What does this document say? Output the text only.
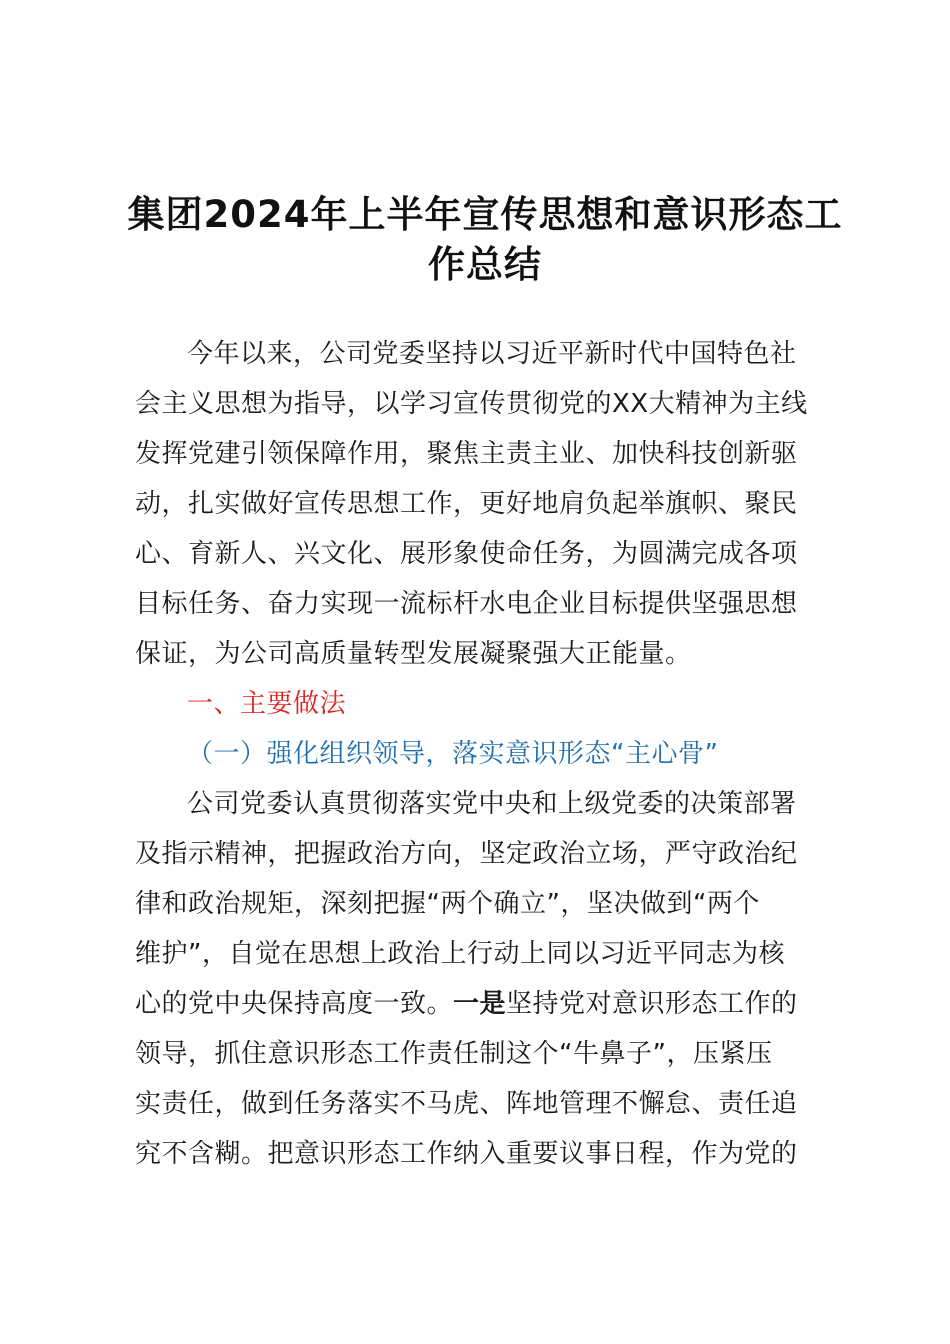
集团2024年上半年宣传思想和意识形态工
作总结
今年以来，公司党委坚持以习近平新时代中国特色社
会主义思想为指导，以学习宣传贯彻党的XX大精神为主线
发挥党建引领保障作用，聚焦主责主业、加快科技创新驱
动，扎实做好宣传思想工作，更好地肩负起举旗帜、聚民
心、育新人、兴文化、展形象使命任务，为圆满完成各项
目标任务、奋力实现一流标杆水电企业目标提供坚强思想
保证，为公司高质量转型发展凝聚强大正能量。
一、主要做法
（一）强化组织领导，落实意识形态“主心骨”
公司党委认真贯彻落实党中央和上级党委的决策部署
及指示精神，把握政治方向，坚定政治立场，严守政治纪
律和政治规矩，深刻把握“两个确立”，坚决做到“两个
维护”，自觉在思想上政治上行动上同以习近平同志为核
心的党中央保持高度一致。一是坚持党对意识形态工作的
领导，抓住意识形态工作责任制这个“牛鼻子”，压紧压
实责任，做到任务落实不马虎、阵地管理不懈怠、责任追
究不含糊。把意识形态工作纳入重要议事日程，作为党的
